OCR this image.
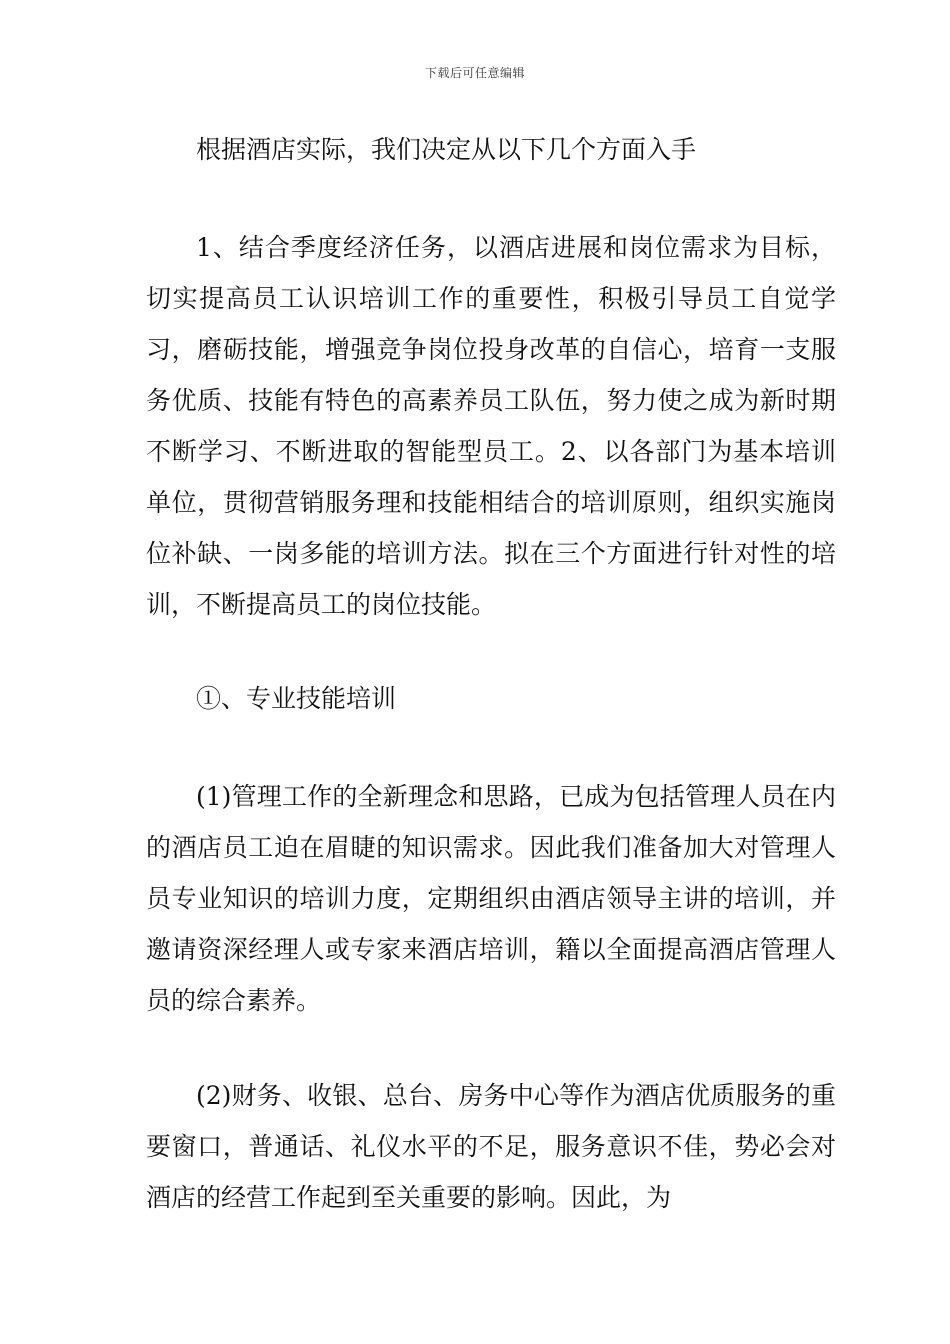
下载后可任意编辑

根据酒店实际，我们决定从以下几个方面入手

1、结合季度经济任务，以酒店进展和岗位需求为目标，切实提高员工认识培训工作的重要性，积极引导员工自觉学习，磨砺技能，增强竞争岗位投身改革的自信心，培育一支服务优质、技能有特色的高素养员工队伍，努力使之成为新时期不断学习、不断进取的智能型员工。2、以各部门为基本培训单位，贯彻营销服务理和技能相结合的培训原则，组织实施岗位补缺、一岗多能的培训方法。拟在三个方面进行针对性的培训，不断提高员工的岗位技能。

①、专业技能培训

(1)管理工作的全新理念和思路，已成为包括管理人员在内的酒店员工迫在眉睫的知识需求。因此我们准备加大对管理人员专业知识的培训力度，定期组织由酒店领导主讲的培训，并邀请资深经理人或专家来酒店培训，籍以全面提高酒店管理人员的综合素养。

(2)财务、收银、总台、房务中心等作为酒店优质服务的重要窗口，普通话、礼仪水平的不足，服务意识不佳，势必会对酒店的经营工作起到至关重要的影响。因此，为
